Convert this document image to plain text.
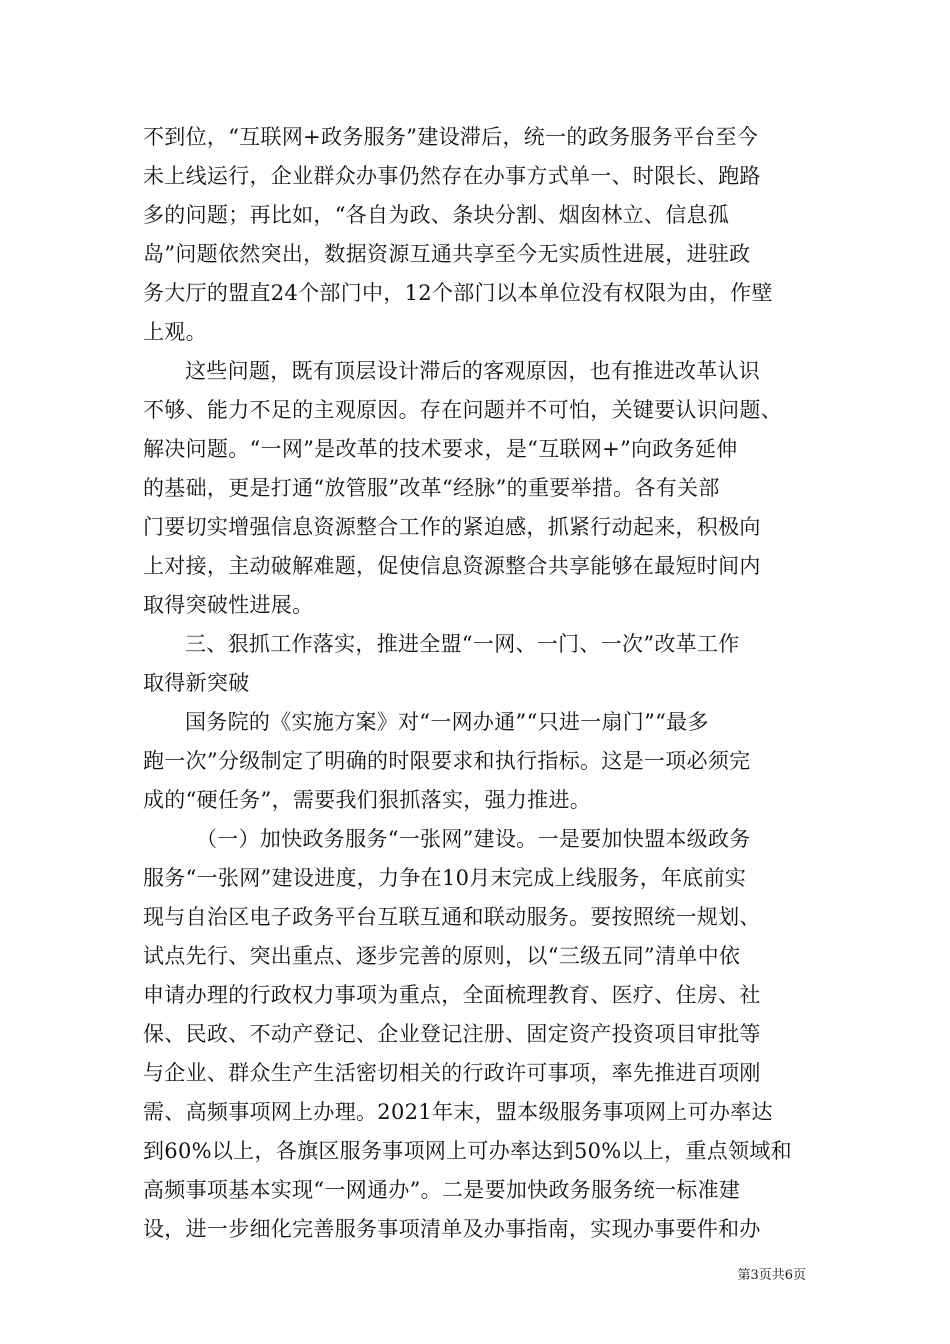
不到位，“互联网+政务服务”建设滞后，统一的政务服务平台至今
未上线运行，企业群众办事仍然存在办事方式单一、时限长、跑路
多的问题；再比如，“各自为政、条块分割、烟囱林立、信息孤
岛”问题依然突出，数据资源互通共享至今无实质性进展，进驻政
务大厅的盟直24个部门中，12个部门以本单位没有权限为由，作壁
上观。
这些问题，既有顶层设计滞后的客观原因，也有推进改革认识
不够、能力不足的主观原因。存在问题并不可怕，关键要认识问题、
解决问题。“一网”是改革的技术要求，是“互联网+”向政务延伸
的基础，更是打通“放管服”改革“经脉”的重要举措。各有关部
门要切实增强信息资源整合工作的紧迫感，抓紧行动起来，积极向
上对接，主动破解难题，促使信息资源整合共享能够在最短时间内
取得突破性进展。
三、狠抓工作落实，推进全盟“一网、一门、一次”改革工作
取得新突破
国务院的《实施方案》对“一网办通”“只进一扇门”“最多
跑一次”分级制定了明确的时限要求和执行指标。这是一项必须完
成的“硬任务”，需要我们狠抓落实，强力推进。
（一）加快政务服务“一张网”建设。一是要加快盟本级政务
服务“一张网”建设进度，力争在10月末完成上线服务，年底前实
现与自治区电子政务平台互联互通和联动服务。要按照统一规划、
试点先行、突出重点、逐步完善的原则，以“三级五同”清单中依
申请办理的行政权力事项为重点，全面梳理教育、医疗、住房、社
保、民政、不动产登记、企业登记注册、固定资产投资项目审批等
与企业、群众生产生活密切相关的行政许可事项，率先推进百项刚
需、高频事项网上办理。2021年末，盟本级服务事项网上可办率达
到60%以上，各旗区服务事项网上可办率达到50%以上，重点领域和
高频事项基本实现“一网通办”。二是要加快政务服务统一标准建
设，进一步细化完善服务事项清单及办事指南，实现办事要件和办
第3页共6页
